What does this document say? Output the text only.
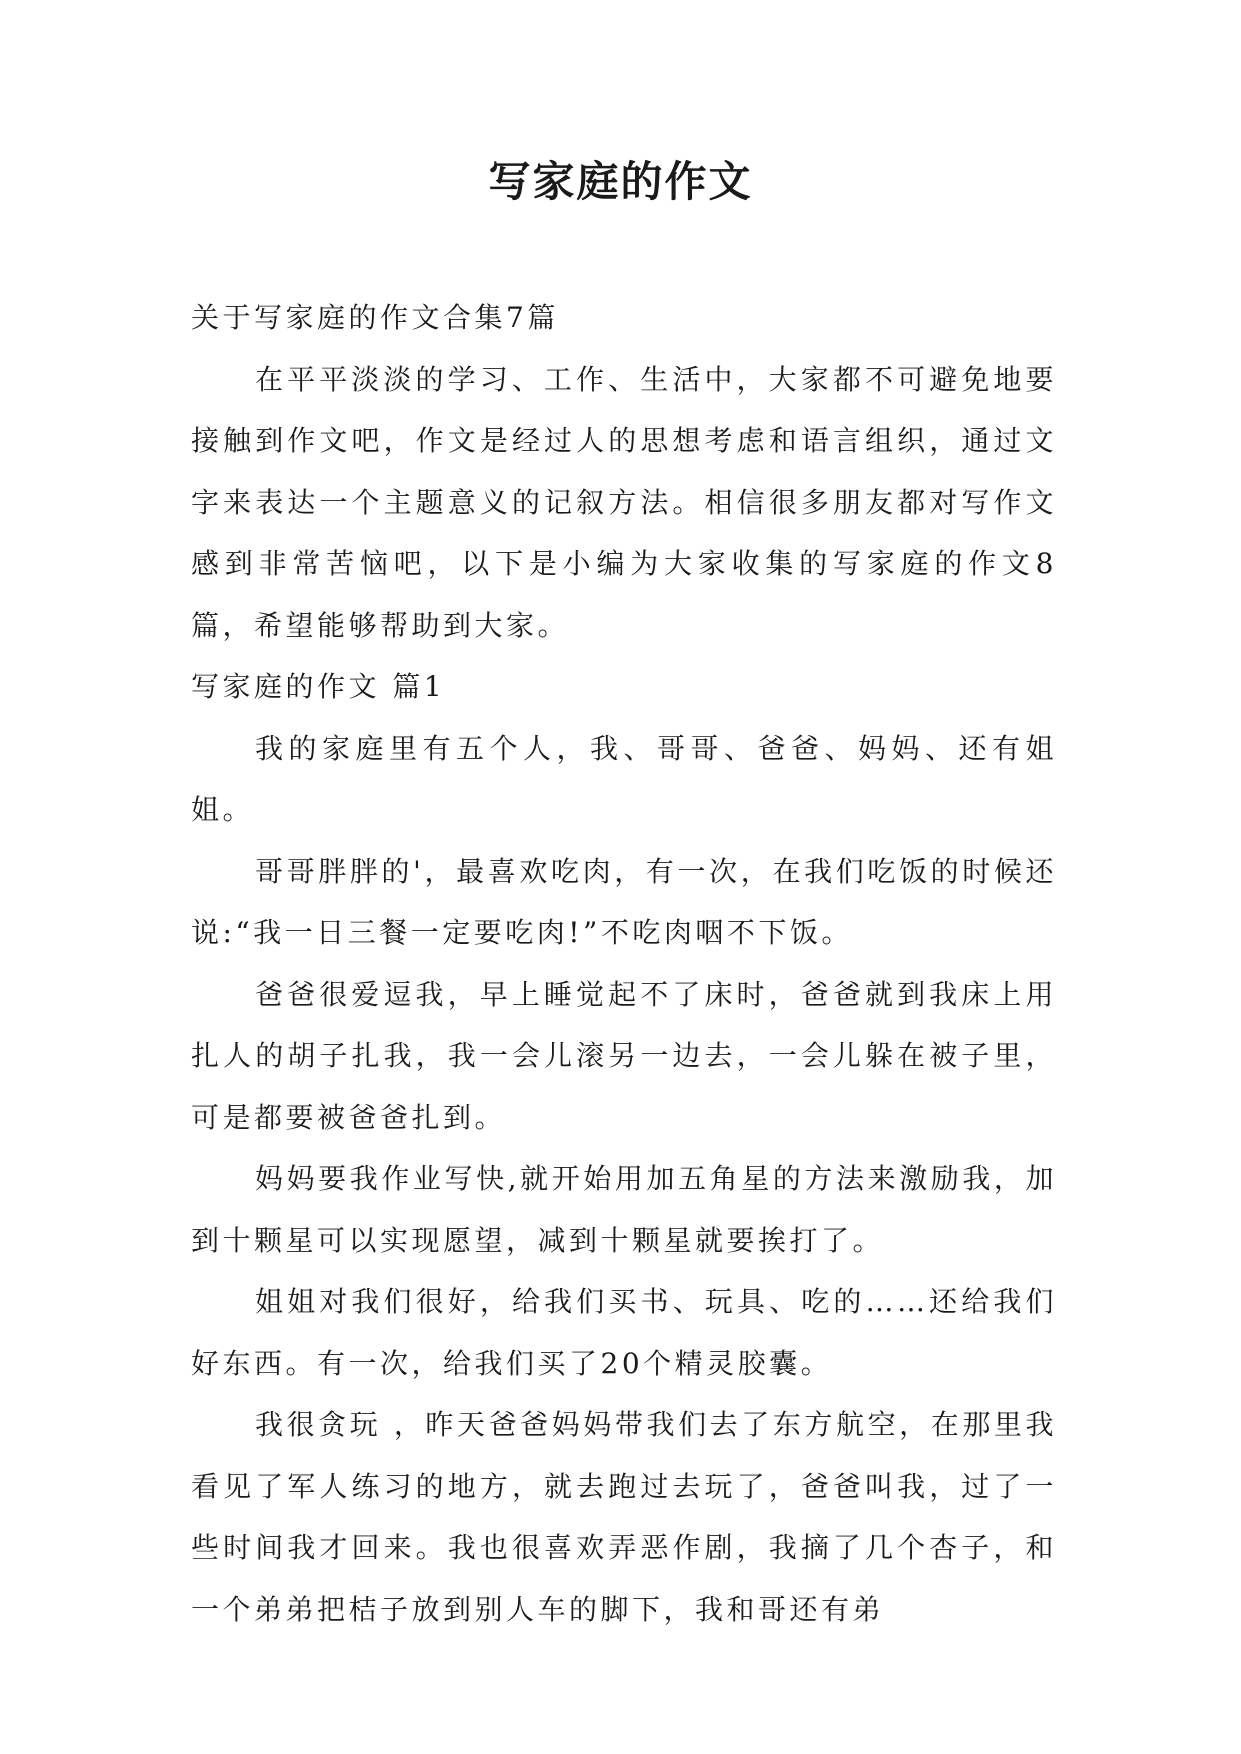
写家庭的作文

关于写家庭的作文合集7篇

在平平淡淡的学习、工作、生活中，大家都不可避免地要接触到作文吧，作文是经过人的思想考虑和语言组织，通过文字来表达一个主题意义的记叙方法。相信很多朋友都对写作文感到非常苦恼吧，以下是小编为大家收集的写家庭的作文8篇，希望能够帮助到大家。

写家庭的作文 篇1

我的家庭里有五个人，我、哥哥、爸爸、妈妈、还有姐姐。

哥哥胖胖的'，最喜欢吃肉，有一次，在我们吃饭的时候还说:“我一日三餐一定要吃肉!”不吃肉咽不下饭。

爸爸很爱逗我，早上睡觉起不了床时，爸爸就到我床上用扎人的胡子扎我，我一会儿滚另一边去，一会儿躲在被子里，可是都要被爸爸扎到。

妈妈要我作业写快,就开始用加五角星的方法来激励我，加到十颗星可以实现愿望，减到十颗星就要挨打了。

姐姐对我们很好，给我们买书、玩具、吃的……还给我们好东西。有一次，给我们买了20个精灵胶囊。

我很贪玩 ，昨天爸爸妈妈带我们去了东方航空，在那里我看见了军人练习的地方，就去跑过去玩了，爸爸叫我，过了一些时间我才回来。我也很喜欢弄恶作剧，我摘了几个杏子，和一个弟弟把桔子放到别人车的脚下，我和哥还有弟
